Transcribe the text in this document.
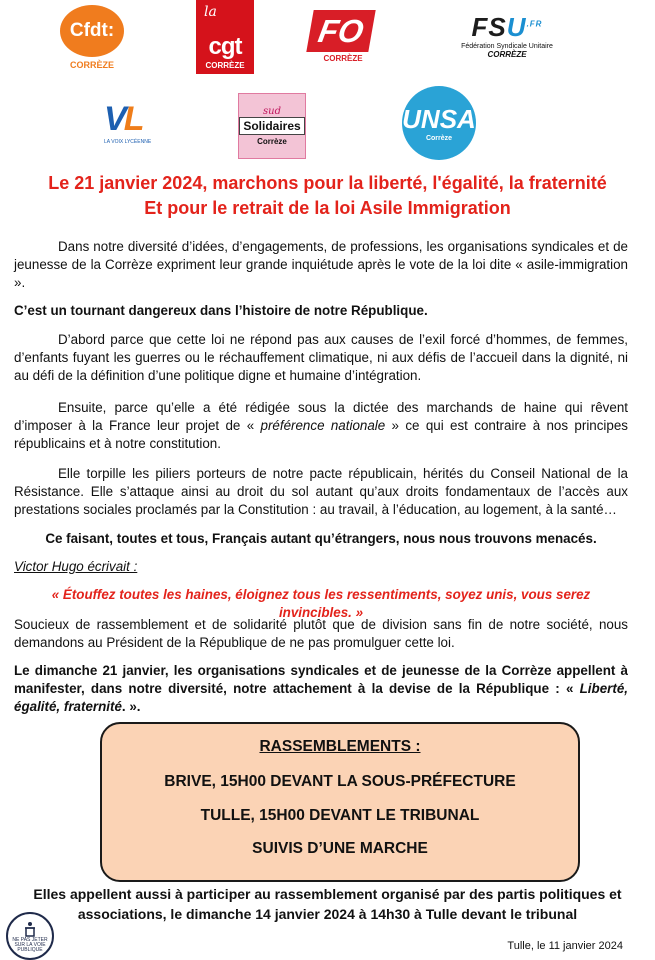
Cfdt:
CORRÈZE
la
cgt
CORRÈZE
FO
CORRÈZE
$FSU^{.FR}$
Fédération Syndicale Unitaire
CORRÈZE
VL
LA VOIX LYCÉENNE
sud
Solidaires
Corrèze
UNSA
Corrèze
Le 21 janvier 2024, marchons pour la liberté, l'égalité, la fraternité
Et pour le retrait de la loi Asile Immigration
Dans notre diversité d’idées, d’engagements, de professions, les organisations syndicales et de jeunesse de la Corrèze expriment leur grande inquiétude après le vote de la loi dite « asile-immigration ».
C’est un tournant dangereux dans l’histoire de notre République.
D’abord parce que cette loi ne répond pas aux causes de l’exil forcé d’hommes, de femmes, d’enfants fuyant les guerres ou le réchauffement climatique, ni aux défis de l’accueil dans la dignité, ni au défi de la définition d’une politique digne et humaine d’intégration.
Ensuite, parce qu’elle a été rédigée sous la dictée des marchands de haine qui rêvent d’imposer à la France leur projet de « préférence nationale » ce qui est contraire à nos principes républicains et à notre constitution.
Elle torpille les piliers porteurs de notre pacte républicain, hérités du Conseil National de la Résistance. Elle s’attaque ainsi au droit du sol autant qu’aux droits fondamentaux de l’accès aux prestations sociales proclamés par la Constitution : au travail, à l’éducation, au logement, à la santé…
Ce faisant, toutes et tous, Français autant qu’étrangers, nous nous trouvons menacés.
Victor Hugo écrivait :
« Étouffez toutes les haines, éloignez tous les ressentiments, soyez unis, vous serez invincibles. »
Soucieux de rassemblement et de solidarité plutôt que de division sans fin de notre société, nous demandons au Président de la République de ne pas promulguer cette loi.
Le dimanche 21 janvier, les organisations syndicales et de jeunesse de la Corrèze appellent à manifester, dans notre diversité, notre attachement à la devise de la République : « Liberté, égalité, fraternité. ».
RASSEMBLEMENTS :
BRIVE, 15H00 DEVANT LA SOUS-PRÉFECTURE
TULLE, 15H00 DEVANT LE TRIBUNAL
SUIVIS D’UNE MARCHE
Elles appellent aussi à participer au rassemblement organisé par des partis politiques et associations, le dimanche 14 janvier 2024 à 14h30 à Tulle devant le tribunal
NE PAS JETER SUR LA VOIE PUBLIQUE	Tulle, le 11 janvier 2024
